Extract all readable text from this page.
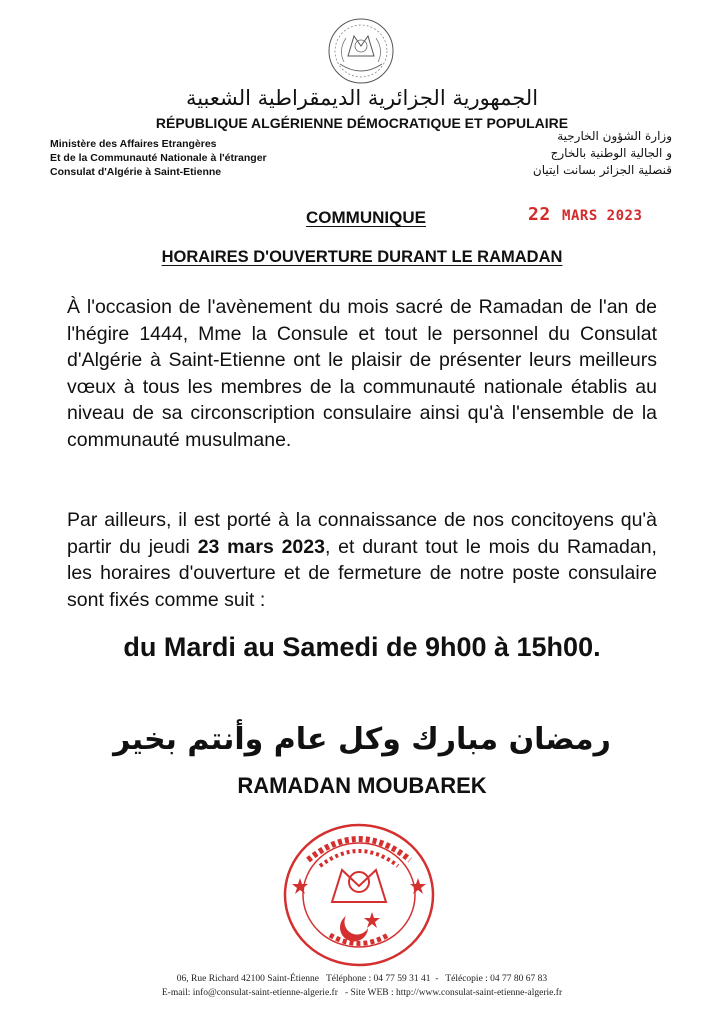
الجمهورية الجزائرية الديمقراطية الشعبية
RÉPUBLIQUE ALGÉRIENNE DÉMOCRATIQUE ET POPULAIRE
Ministère des Affaires Etrangères
Et de la Communauté Nationale à l'étranger
Consulat d'Algérie à Saint-Etienne
وزارة الشؤون الخارجية
و الجالية الوطنية بالخارج
قنصلية الجزائر بسانت ايتيان
COMMUNIQUE	22 MARS 2023
HORAIRES D'OUVERTURE DURANT LE RAMADAN
À l'occasion de l'avènement du mois sacré de Ramadan de l'an de l'hégire 1444, Mme la Consule et tout le personnel du Consulat d'Algérie à Saint-Etienne ont le plaisir de présenter leurs meilleurs vœux à tous les membres de la communauté nationale établis au niveau de sa circonscription consulaire ainsi qu'à l'ensemble de la communauté musulmane.
Par ailleurs, il est porté à la connaissance de nos concitoyens qu'à partir du jeudi 23 mars 2023, et durant tout le mois du Ramadan, les horaires d'ouverture et de fermeture de notre poste consulaire sont fixés comme suit :
du Mardi au Samedi de 9h00 à 15h00.
رمضان مبارك وكل عام وأنتم بخير
RAMADAN MOUBAREK
06, Rue Richard 42100 Saint-Étienne Téléphone : 04 77 59 31 41  -   Télécopie : 04 77 80 67 83
E-mail: info@consulat-saint-etienne-algerie.fr - Site WEB : http://www.consulat-saint-etienne-algerie.fr
